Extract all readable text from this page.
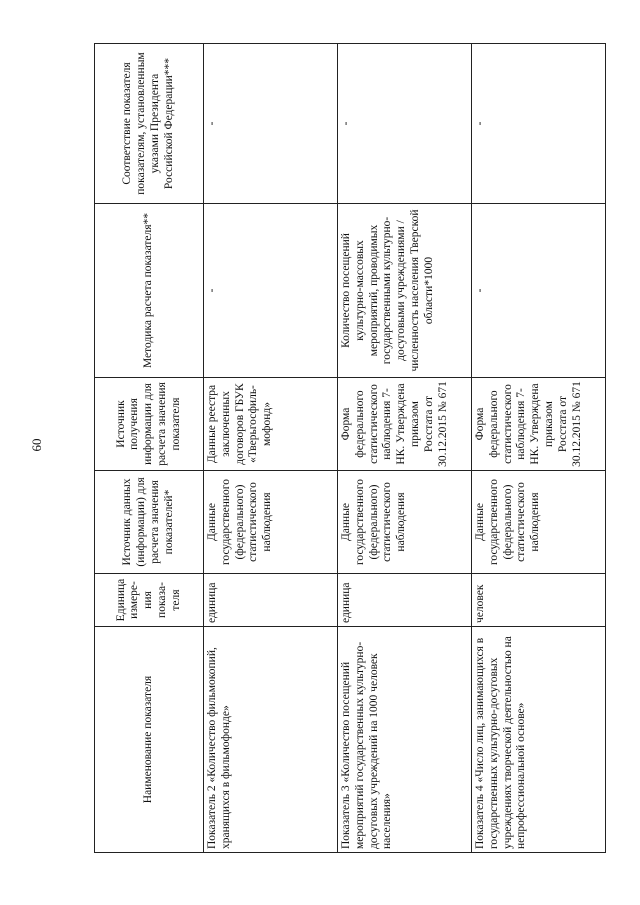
60
Наименование показателя	Единица измере-ния показа-теля	Источник данных (информации) для расчета значения показателей*	Источник получения информации для расчета значения показателя	Методика расчета показателя**	Соответствие показателя показателям, установленным указами Президента Российской Федерации***
Показатель 2 «Количество фильмокопий, хранящихся в фильмофонде»	единица	Данные государственного (федерального) статистического наблюдения	Данные реестра заключенных договоров ГБУК «Тверьгосфиль-мофонд»	-	-
Показатель 3 «Количество посещений мероприятий государственных культурно-досуговых учреждений на 1000 человек населения»	единица	Данные государственного (федерального) статистического наблюдения	Форма федерального статистического наблюдения 7-НК. Утверждена приказом Росстата от 30.12.2015 № 671	Количество посещений культурно-массовых мероприятий, проводимых государственными культурно-досуговыми учреждениями / численность населения Тверской области*1000	-
Показатель 4 «Число лиц, занимающихся в государственных культурно-досуговых учреждениях творческой деятельностью на непрофессиональной основе»	человек	Данные государственного (федерального) статистического наблюдения	Форма федерального статистического наблюдения 7-НК. Утверждена приказом Росстата от 30.12.2015 № 671	-	-
